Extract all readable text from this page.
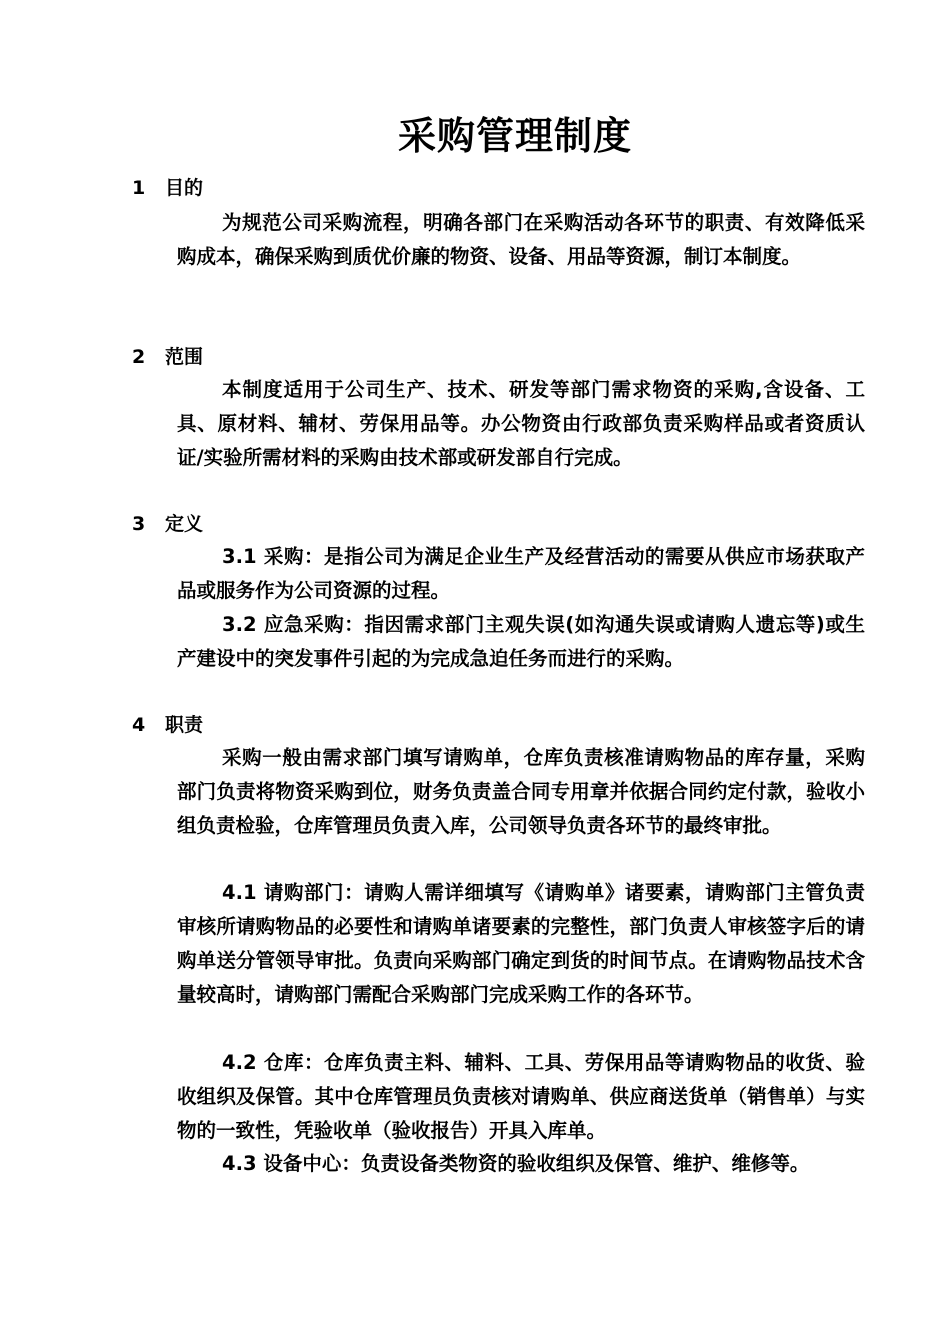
采购管理制度
1 目的
为规范公司采购流程，明确各部门在采购活动各环节的职责、有效降低采购成本，确保采购到质优价廉的物资、设备、用品等资源，制订本制度。
2 范围
本制度适用于公司生产、技术、研发等部门需求物资的采购,含设备、工具、原材料、辅材、劳保用品等。办公物资由行政部负责采购样品或者资质认证/实验所需材料的采购由技术部或研发部自行完成。
3 定义
3.1 采购：是指公司为满足企业生产及经营活动的需要从供应市场获取产品或服务作为公司资源的过程。
3.2 应急采购：指因需求部门主观失误(如沟通失误或请购人遗忘等)或生产建设中的突发事件引起的为完成急迫任务而进行的采购。
4 职责
采购一般由需求部门填写请购单，仓库负责核准请购物品的库存量，采购部门负责将物资采购到位，财务负责盖合同专用章并依据合同约定付款，验收小组负责检验，仓库管理员负责入库，公司领导负责各环节的最终审批。
4.1 请购部门：请购人需详细填写《请购单》诸要素，请购部门主管负责审核所请购物品的必要性和请购单诸要素的完整性，部门负责人审核签字后的请购单送分管领导审批。负责向采购部门确定到货的时间节点。在请购物品技术含量较高时，请购部门需配合采购部门完成采购工作的各环节。
4.2 仓库：仓库负责主料、辅料、工具、劳保用品等请购物品的收货、验收组织及保管。其中仓库管理员负责核对请购单、供应商送货单（销售单）与实物的一致性，凭验收单（验收报告）开具入库单。
4.3 设备中心：负责设备类物资的验收组织及保管、维护、维修等。
